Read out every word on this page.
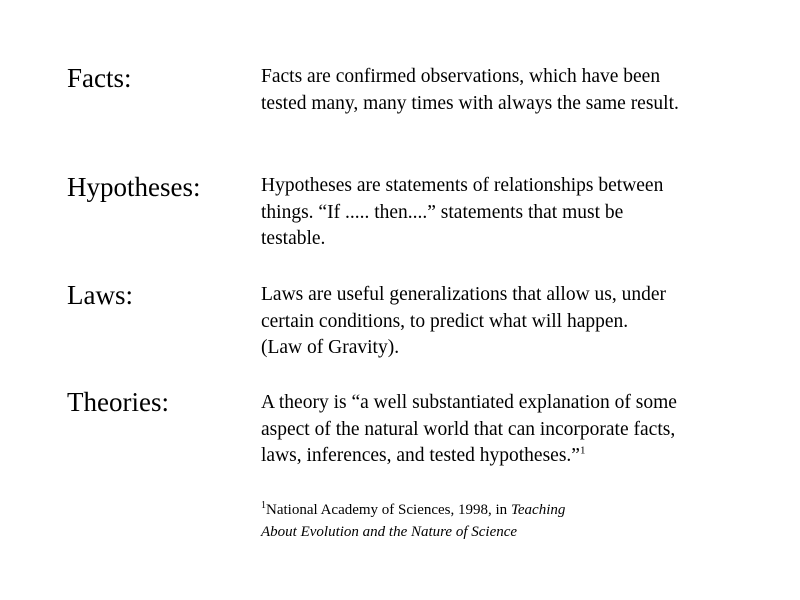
Facts:	Facts are confirmed observations, which have been
tested many, many times with always the same result.
Hypotheses:	Hypotheses are statements of relationships between
things. “If ..... then....” statements that must be
testable.
Laws:	Laws are useful generalizations that allow us, under
certain conditions, to predict what will happen.
(Law of Gravity).
Theories:	A theory is “a well substantiated explanation of some
aspect of the natural world that can incorporate facts,
laws, inferences, and tested hypotheses.”$^1$
$^1$National Academy of Sciences, 1998, in Teaching
About Evolution and the Nature of Science
